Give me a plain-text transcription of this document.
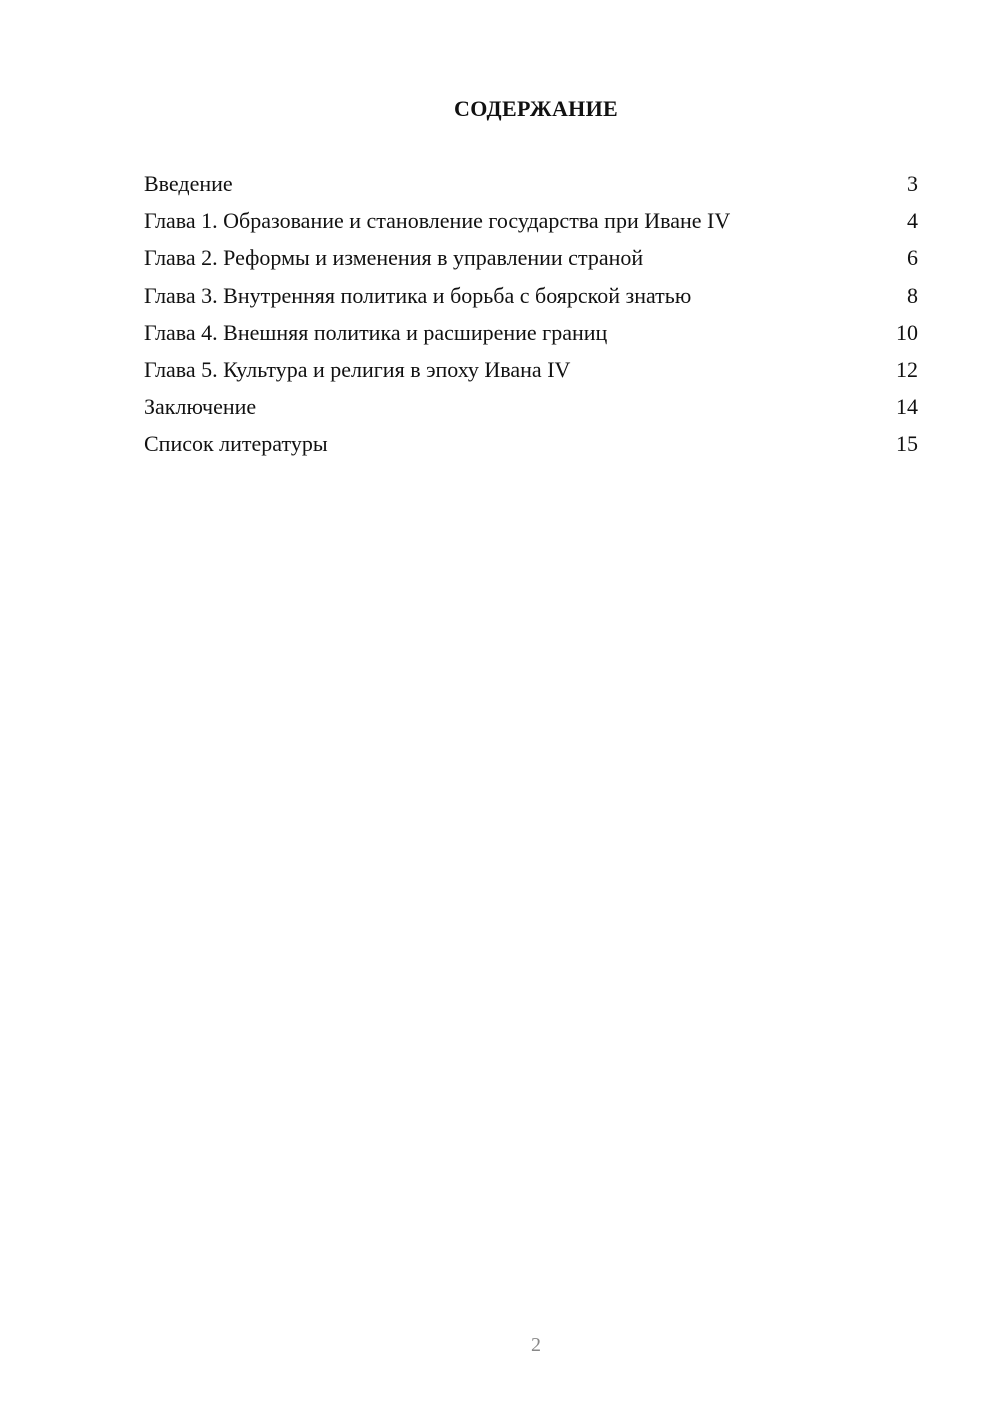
СОДЕРЖАНИЕ
Введение	3
Глава 1. Образование и становление государства при Иване IV	4
Глава 2. Реформы и изменения в управлении страной	6
Глава 3. Внутренняя политика и борьба с боярской знатью	8
Глава 4. Внешняя политика и расширение границ	10
Глава 5. Культура и религия в эпоху Ивана IV	12
Заключение	14
Список литературы	15
2
